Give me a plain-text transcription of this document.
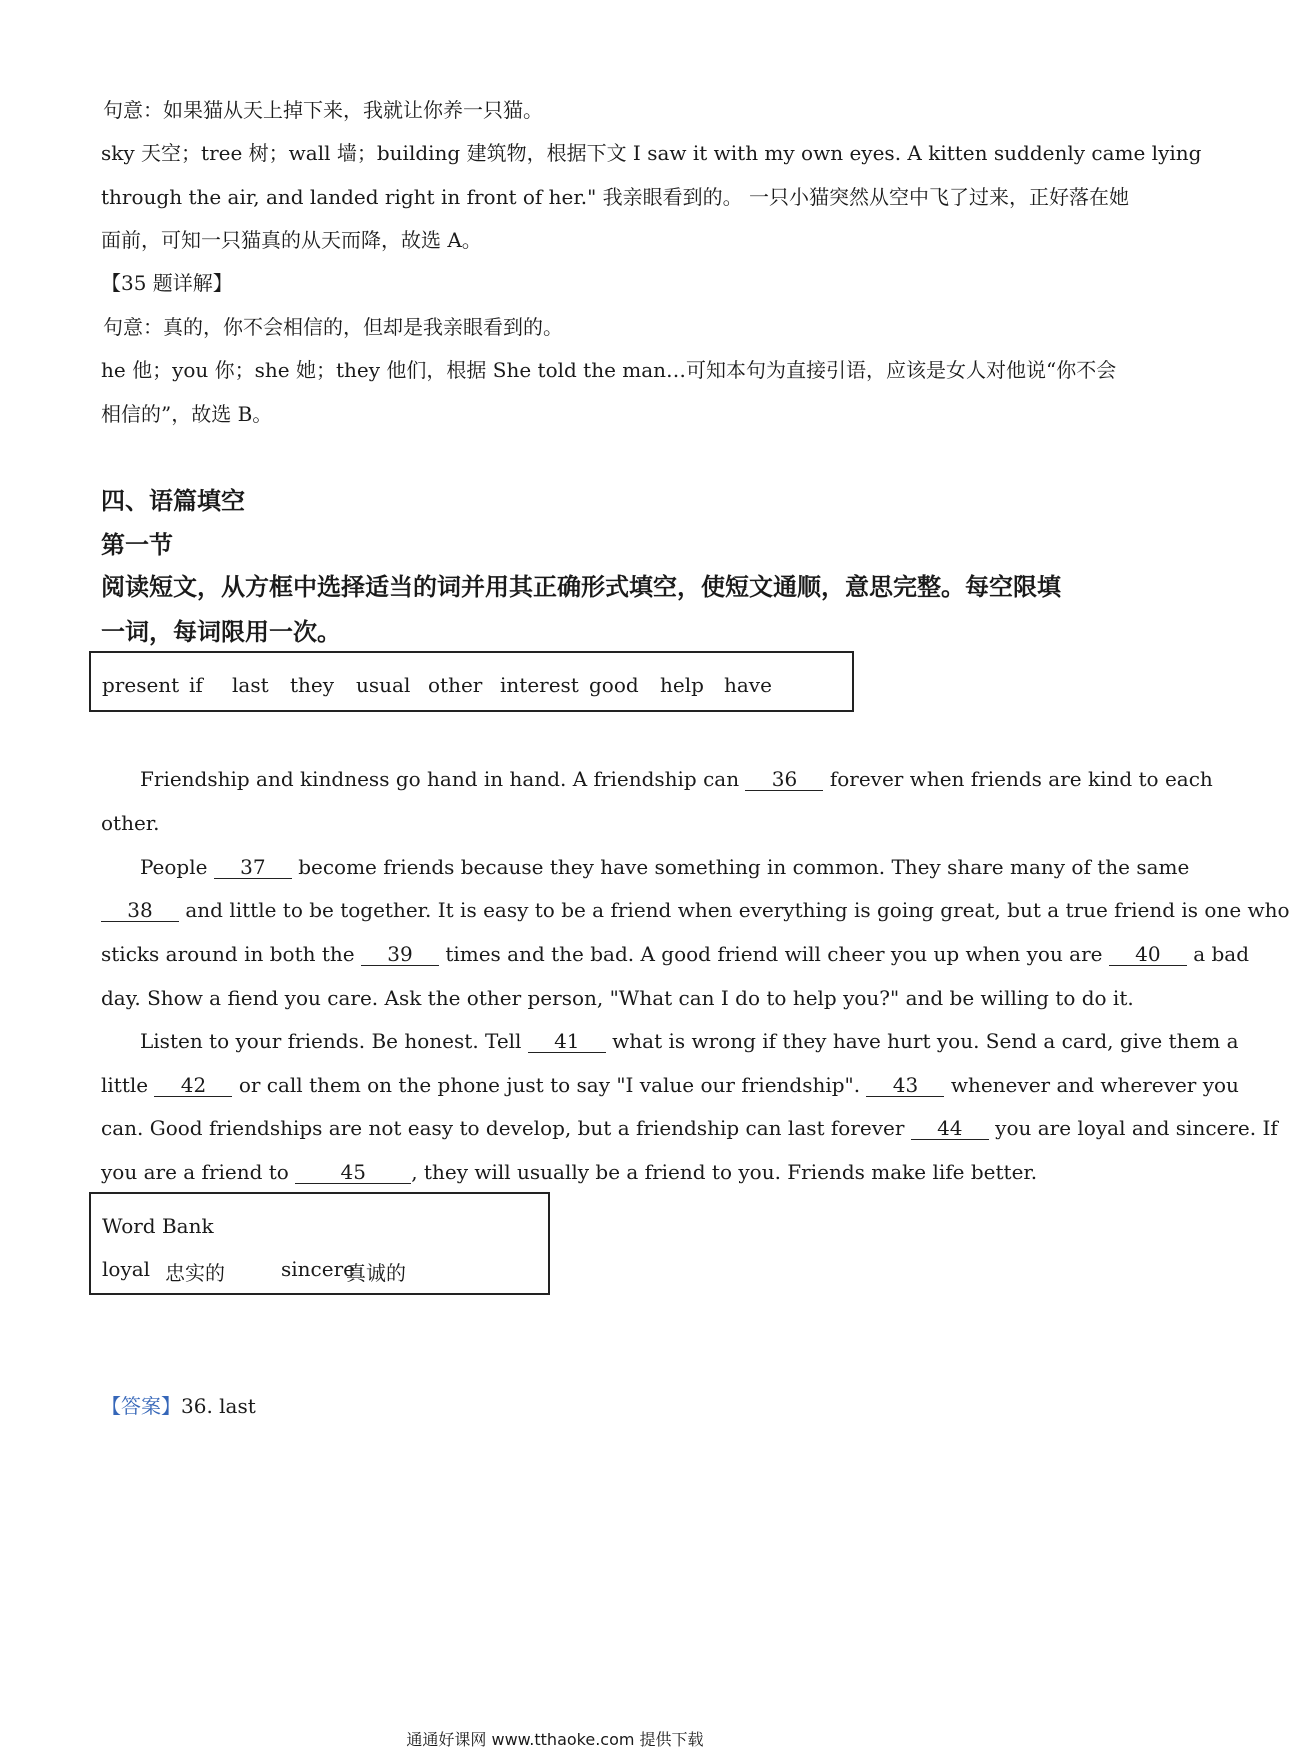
句意：如果猫从天上掉下来，我就让你养一只猫。
sky 天空；tree 树；wall 墙；building 建筑物，根据下文 I saw it with my own eyes. A kitten suddenly came lying
through the air, and landed right in front of her." 我亲眼看到的。 一只小猫突然从空中飞了过来，正好落在她
面前，可知一只猫真的从天而降，故选 A。
【35 题详解】
句意：真的，你不会相信的，但却是我亲眼看到的。
he 他；you 你；she 她；they 他们，根据 She told the man…可知本句为直接引语，应该是女人对他说“你不会
相信的”，故选 B。
四、语篇填空
第一节
阅读短文，从方框中选择适当的词并用其正确形式填空，使短文通顺，意思完整。每空限填
一词，每词限用一次。
present if last they usual other interest good help have
Friendship and kindness go hand in hand. A friendship can 36 forever when friends are kind to each
other.
People 37 become friends because they have something in common. They share many of the same
38 and little to be together. It is easy to be a friend when everything is going great, but a true friend is one who
sticks around in both the 39 times and the bad. A good friend will cheer you up when you are 40 a bad
day. Show a fiend you care. Ask the other person, "What can I do to help you?" and be willing to do it.
Listen to your friends. Be honest. Tell 41 what is wrong if they have hurt you. Send a card, give them a
little 42 or call them on the phone just to say "I value our friendship". 43 whenever and wherever you
can. Good friendships are not easy to develop, but a friendship can last forever 44 you are loyal and sincere. If
you are a friend to	45 , they will usually be a friend to you. Friends make life better.
Word Bank
loyal 忠实的	sincere
真诚的
【答案】36. last
通通好课网 www.tthaoke.com 提供下载
